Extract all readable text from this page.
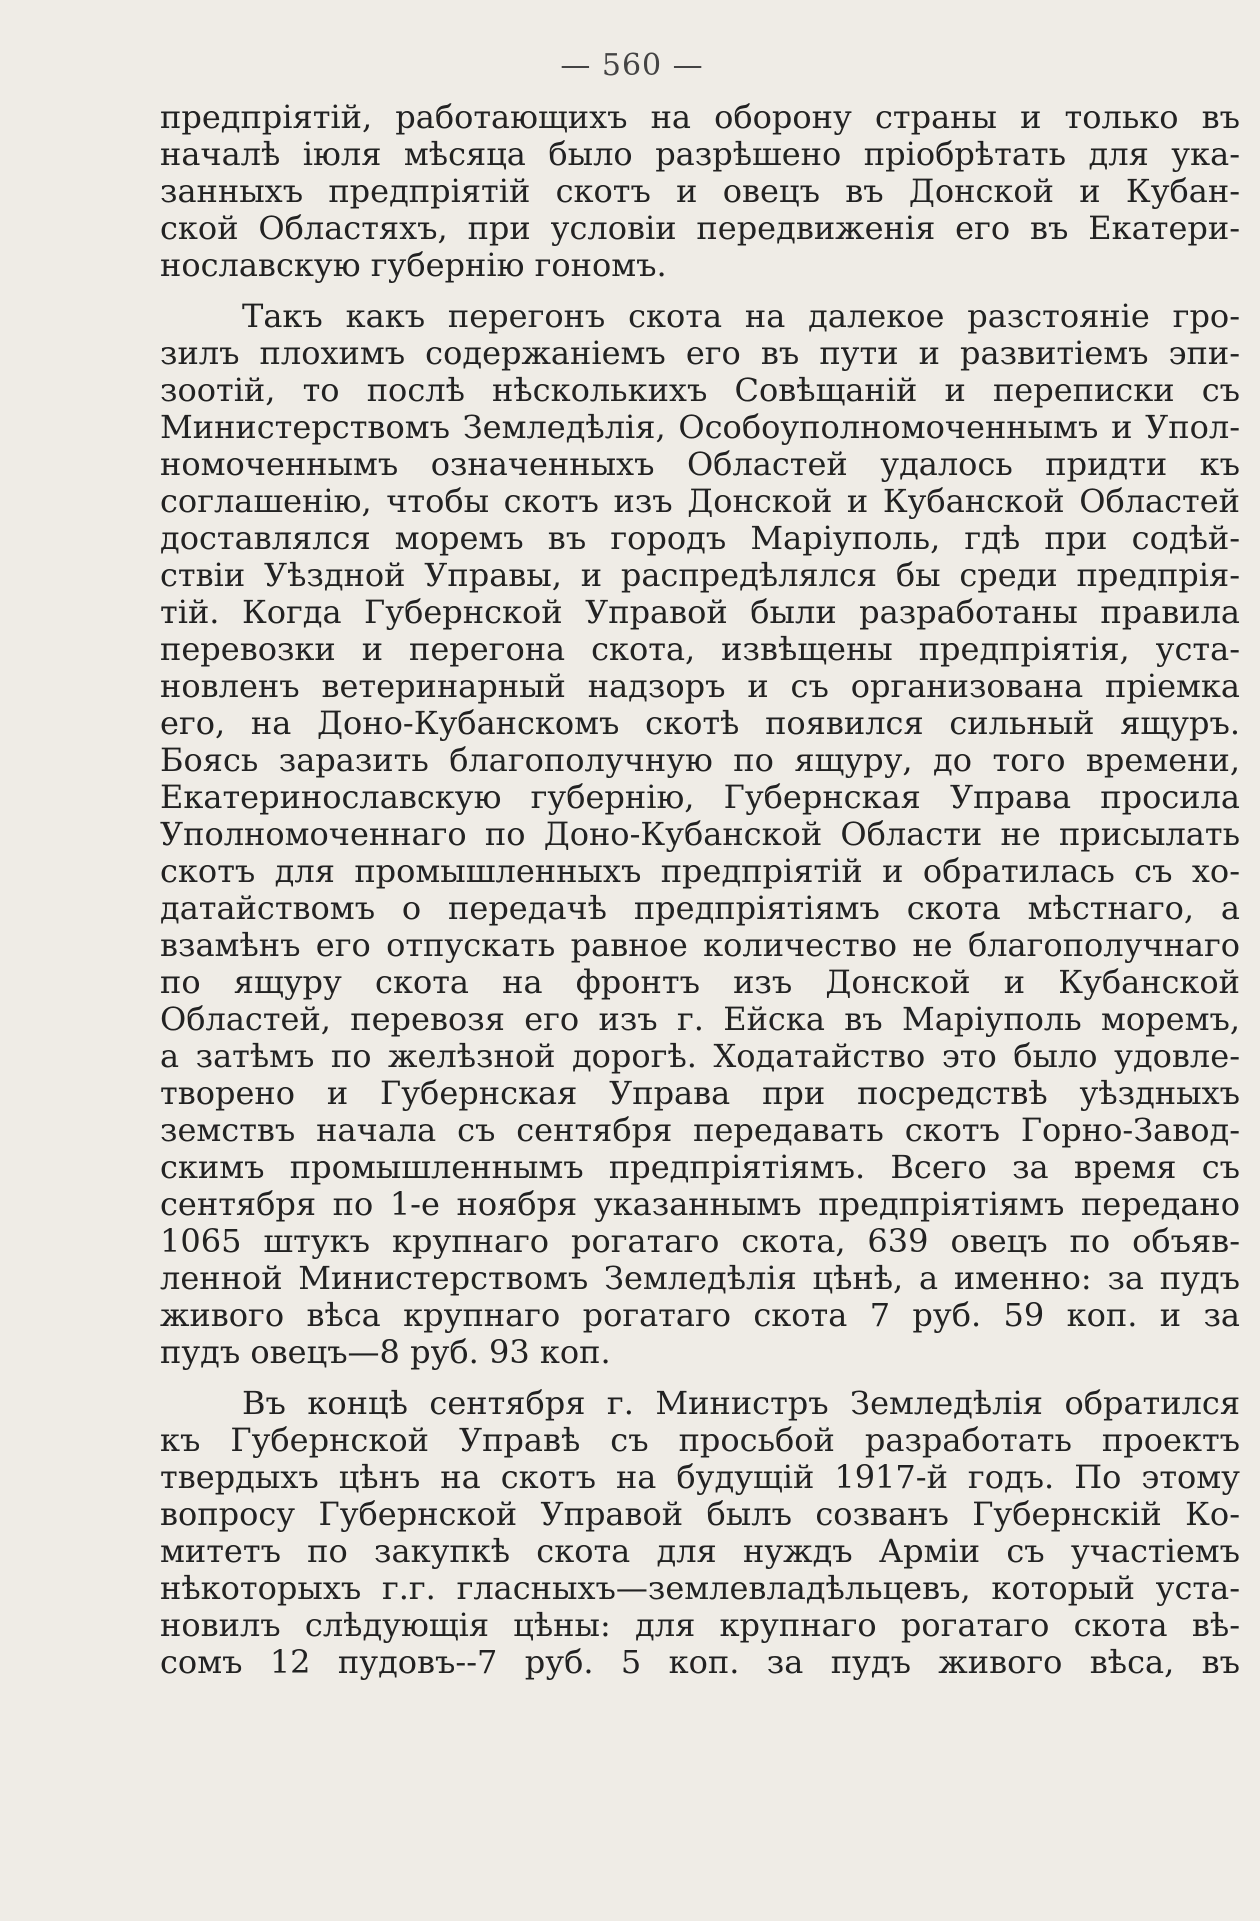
— 560 —
предпріятій, работающихъ на оборону страны и только въ
началѣ іюля мѣсяца было разрѣшено пріобрѣтать для ука-
занныхъ предпріятій скотъ и овецъ въ Донской и Кубан-
ской Областяхъ, при условіи передвиженія его въ Екатери-
нославскую губернію гономъ.
Такъ какъ перегонъ скота на далекое разстояніе гро-
зилъ плохимъ содержаніемъ его въ пути и развитіемъ эпи-
зоотій, то послѣ нѣсколькихъ Совѣщаній и переписки съ
Министерствомъ Земледѣлія, Особоуполномоченнымъ и Упол-
номоченнымъ означенныхъ Областей удалось придти къ
соглашенію, чтобы скотъ изъ Донской и Кубанской Областей
доставлялся моремъ въ городъ Маріуполь, гдѣ при содѣй-
ствіи Уѣздной Управы, и распредѣлялся бы среди предпрія-
тій. Когда Губернской Управой были разработаны правила
перевозки и перегона скота, извѣщены предпріятія, уста-
новленъ ветеринарный надзоръ и съ организована пріемка
его, на Доно-Кубанскомъ скотѣ появился сильный ящуръ.
Боясь заразить благополучную по ящуру, до того времени,
Екатеринославскую губернію, Губернская Управа просила
Уполномоченнаго по Доно-Кубанской Области не присылать
скотъ для промышленныхъ предпріятій и обратилась съ хо-
датайствомъ о передачѣ предпріятіямъ скота мѣстнаго, а
взамѣнъ его отпускать равное количество не благополучнаго
по ящуру скота на фронтъ изъ Донской и Кубанской
Областей, перевозя его изъ г. Ейска въ Маріуполь моремъ,
а затѣмъ по желѣзной дорогѣ. Ходатайство это было удовле-
творено и Губернская Управа при посредствѣ уѣздныхъ
земствъ начала съ сентября передавать скотъ Горно-Завод-
скимъ промышленнымъ предпріятіямъ. Всего за время съ
сентября по 1-е ноября указаннымъ предпріятіямъ передано
1065 штукъ крупнаго рогатаго скота, 639 овецъ по объяв-
ленной Министерствомъ Земледѣлія цѣнѣ, а именно: за пудъ
живого вѣса крупнаго рогатаго скота 7 руб. 59 коп. и за
пудъ овецъ—8 руб. 93 коп.
Въ концѣ сентября г. Министръ Земледѣлія обратился
къ Губернской Управѣ съ просьбой разработать проектъ
твердыхъ цѣнъ на скотъ на будущій 1917-й годъ. По этому
вопросу Губернской Управой былъ созванъ Губернскій Ко-
митетъ по закупкѣ скота для нуждъ Арміи съ участіемъ
нѣкоторыхъ г.г. гласныхъ—землевладѣльцевъ, который уста-
новилъ слѣдующія цѣны: для крупнаго рогатаго скота вѣ-
сомъ 12 пудовъ--7 руб. 5 коп. за пудъ живого вѣса, въ
